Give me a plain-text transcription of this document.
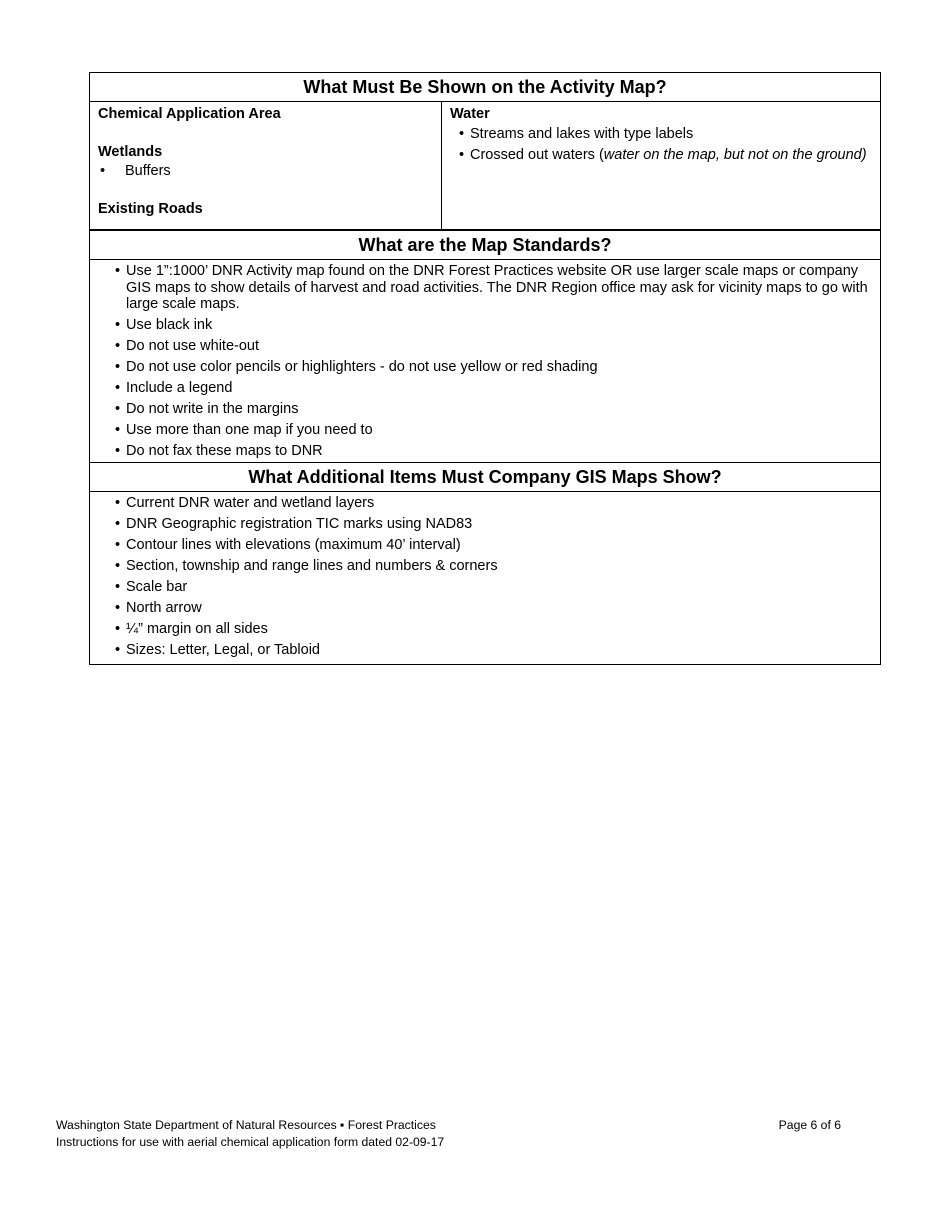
What Must Be Shown on the Activity Map?
Chemical Application Area
Wetlands
• Buffers
Existing Roads
Water
• Streams and lakes with type labels
• Crossed out waters (water on the map, but not on the ground)
What are the Map Standards?
• Use 1”:1000’ DNR Activity map found on the DNR Forest Practices website OR use larger scale maps or company GIS maps to show details of harvest and road activities. The DNR Region office may ask for vicinity maps to go with large scale maps.
• Use black ink
• Do not use white-out
• Do not use color pencils or highlighters - do not use yellow or red shading
• Include a legend
• Do not write in the margins
• Use more than one map if you need to
• Do not fax these maps to DNR
What Additional Items Must Company GIS Maps Show?
• Current DNR water and wetland layers
• DNR Geographic registration TIC marks using NAD83
• Contour lines with elevations (maximum 40’ interval)
• Section, township and range lines and numbers & corners
• Scale bar
• North arrow
• ¼” margin on all sides
• Sizes: Letter, Legal, or Tabloid
Washington State Department of Natural Resources ▪ Forest Practices
Instructions for use with aerial chemical application form dated 02-09-17
Page 6 of 6
